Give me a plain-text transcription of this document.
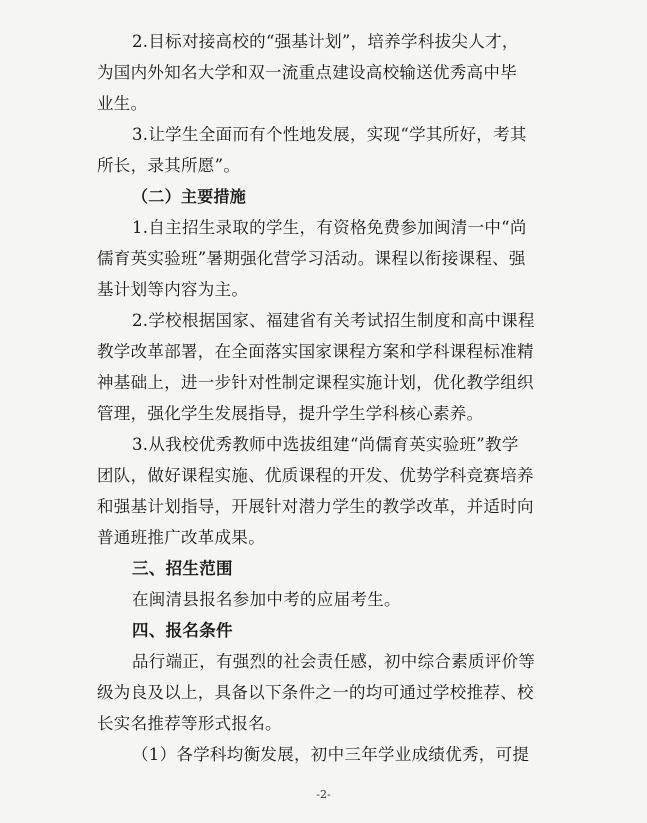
2.目标对接高校的“强基计划”，培养学科拔尖人才，
为国内外知名大学和双一流重点建设高校输送优秀高中毕
业生。
3.让学生全面而有个性地发展，实现“学其所好，考其
所长，录其所愿”。
（二）主要措施
1.自主招生录取的学生，有资格免费参加闽清一中“尚
儒育英实验班”暑期强化营学习活动。课程以衔接课程、强
基计划等内容为主。
2.学校根据国家、福建省有关考试招生制度和高中课程
教学改革部署，在全面落实国家课程方案和学科课程标准精
神基础上，进一步针对性制定课程实施计划，优化教学组织
管理，强化学生发展指导，提升学生学科核心素养。
3.从我校优秀教师中选拔组建“尚儒育英实验班”教学
团队，做好课程实施、优质课程的开发、优势学科竞赛培养
和强基计划指导，开展针对潜力学生的教学改革，并适时向
普通班推广改革成果。
三、招生范围
在闽清县报名参加中考的应届考生。
四、报名条件
品行端正，有强烈的社会责任感，初中综合素质评价等
级为良及以上，具备以下条件之一的均可通过学校推荐、校
长实名推荐等形式报名。
（1）各学科均衡发展，初中三年学业成绩优秀，可提
-2-
